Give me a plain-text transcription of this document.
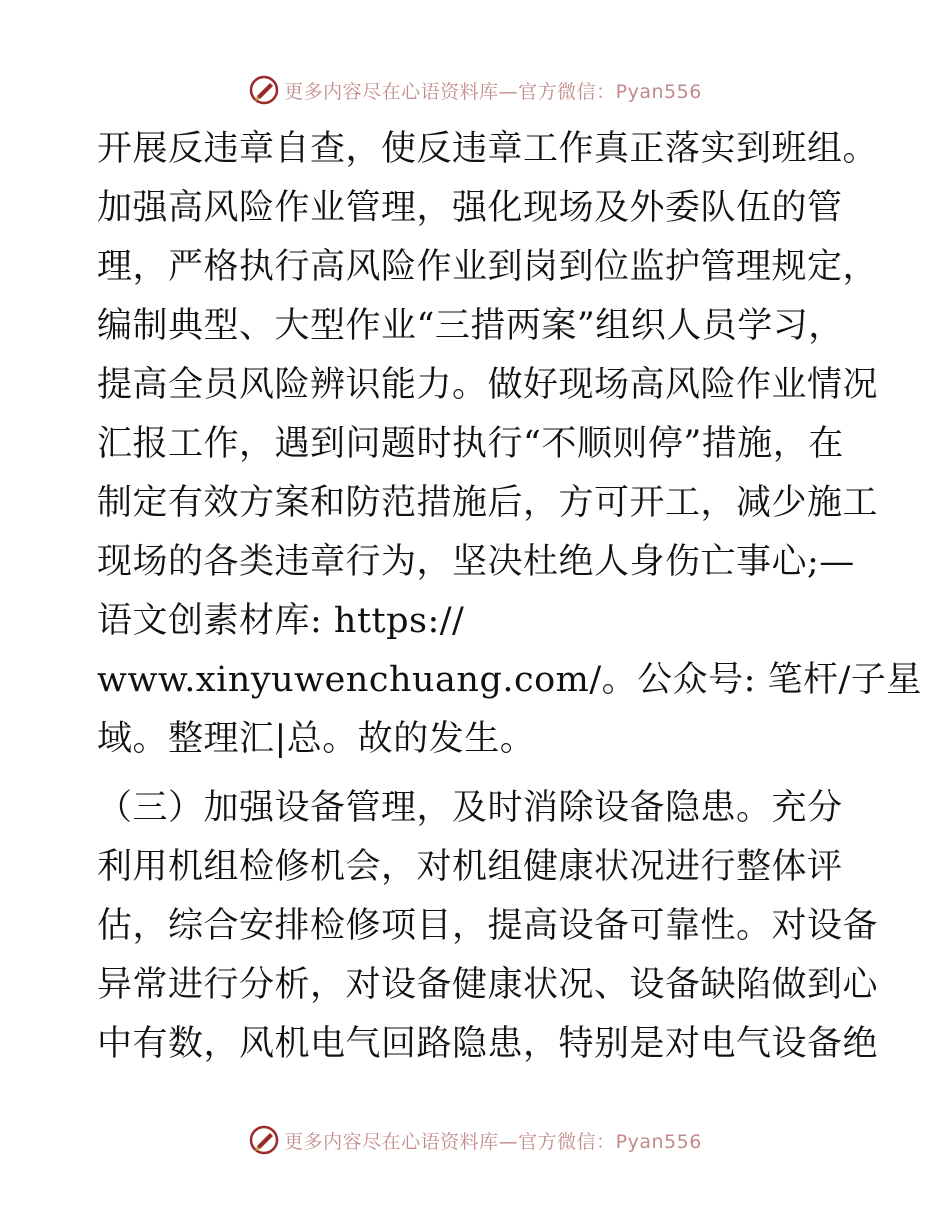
更多内容尽在心语资料库—官方微信：Pyan556
开展反违章自查，使反违章工作真正落实到班组。
加强高风险作业管理，强化现场及外委队伍的管
理，严格执行高风险作业到岗到位监护管理规定，
编制典型、大型作业“三措两案”组织人员学习，
提高全员风险辨识能力。做好现场高风险作业情况
汇报工作，遇到问题时执行“不顺则停”措施，在
制定有效方案和防范措施后，方可开工，减少施工
现场的各类违章行为，坚决杜绝人身伤亡事心;—
语文创素材库: https://
www.xinyuwenchuang.com/。公众号: 笔杆/子星
域。整理汇|总。故的发生。
（三）加强设备管理，及时消除设备隐患。充分
利用机组检修机会，对机组健康状况进行整体评
估，综合安排检修项目，提高设备可靠性。对设备
异常进行分析，对设备健康状况、设备缺陷做到心
中有数，风机电气回路隐患，特别是对电气设备绝
更多内容尽在心语资料库—官方微信：Pyan556
